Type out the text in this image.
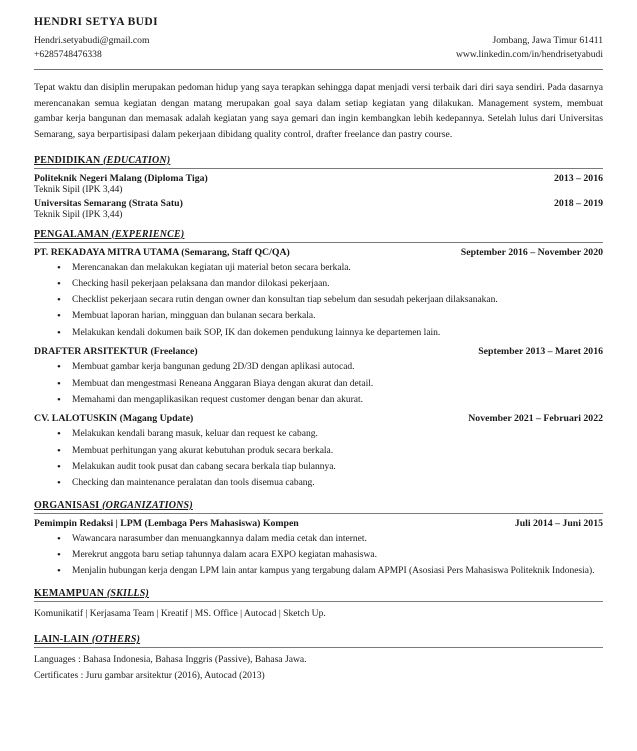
HENDRI SETYA BUDI
Hendri.setyabudi@gmail.com
+6285748476338
Jombang, Jawa Timur 61411
www.linkedin.com/in/hendrisetyabudi
Tepat waktu dan disiplin merupakan pedoman hidup yang saya terapkan sehingga dapat menjadi versi terbaik dari diri saya sendiri. Pada dasarnya merencanakan semua kegiatan dengan matang merupakan goal saya dalam setiap kegiatan yang dilakukan. Management system, membuat gambar kerja bangunan dan memasak adalah kegiatan yang saya gemari dan ingin kembangkan lebih kedepannya. Setelah lulus dari Universitas Semarang, saya berpartisipasi dalam pekerjaan dibidang quality control, drafter freelance dan pastry course.
PENDIDIKAN (EDUCATION)
Politeknik Negeri Malang (Diploma Tiga)	2013 – 2016
Teknik Sipil (IPK 3,44)
Universitas Semarang (Strata Satu)	2018 – 2019
Teknik Sipil (IPK 3,44)
PENGALAMAN (EXPERIENCE)
PT. REKADAYA MITRA UTAMA (Semarang, Staff QC/QA)	September 2016 – November 2020
• Merencanakan dan melakukan kegiatan uji material beton secara berkala.
• Checking hasil pekerjaan pelaksana dan mandor dilokasi pekerjaan.
• Checklist pekerjaan secara rutin dengan owner dan konsultan tiap sebelum dan sesudah pekerjaan dilaksanakan.
• Membuat laporan harian, mingguan dan bulanan secara berkala.
• Melakukan kendali dokumen baik SOP, IK dan dokemen pendukung lainnya ke departemen lain.
DRAFTER ARSITEKTUR (Freelance)	September 2013 – Maret 2016
• Membuat gambar kerja bangunan gedung 2D/3D dengan aplikasi autocad.
• Membuat dan mengestmasi Reneana Anggaran Biaya dengan akurat dan detail.
• Memahami dan mengaplikasikan request customer dengan benar dan akurat.
CV. LALOTUSKIN (Magang Update)	November 2021 – Februari 2022
• Melakukan kendali barang masuk, keluar dan request ke cabang.
• Membuat perhitungan yang akurat kebutuhan produk secara berkala.
• Melakukan audit took pusat dan cabang secara berkala tiap bulannya.
• Checking dan maintenance peralatan dan tools disemua cabang.
ORGANISASI (ORGANIZATIONS)
Pemimpin Redaksi | LPM (Lembaga Pers Mahasiswa) Kompen	Juli 2014 – Juni 2015
• Wawancara narasumber dan menuangkannya dalam media cetak dan internet.
• Merekrut anggota baru setiap tahunnya dalam acara EXPO kegiatan mahasiswa.
• Menjalin hubungan kerja dengan LPM lain antar kampus yang tergabung dalam APMPI (Asosiasi Pers Mahasiswa Politeknik Indonesia).
KEMAMPUAN (SKILLS)
Komunikatif | Kerjasama Team | Kreatif | MS. Office | Autocad | Sketch Up.
LAIN-LAIN (OTHERS)
Languages : Bahasa Indonesia, Bahasa Inggris (Passive), Bahasa Jawa.
Certificates : Juru gambar arsitektur (2016), Autocad (2013)
